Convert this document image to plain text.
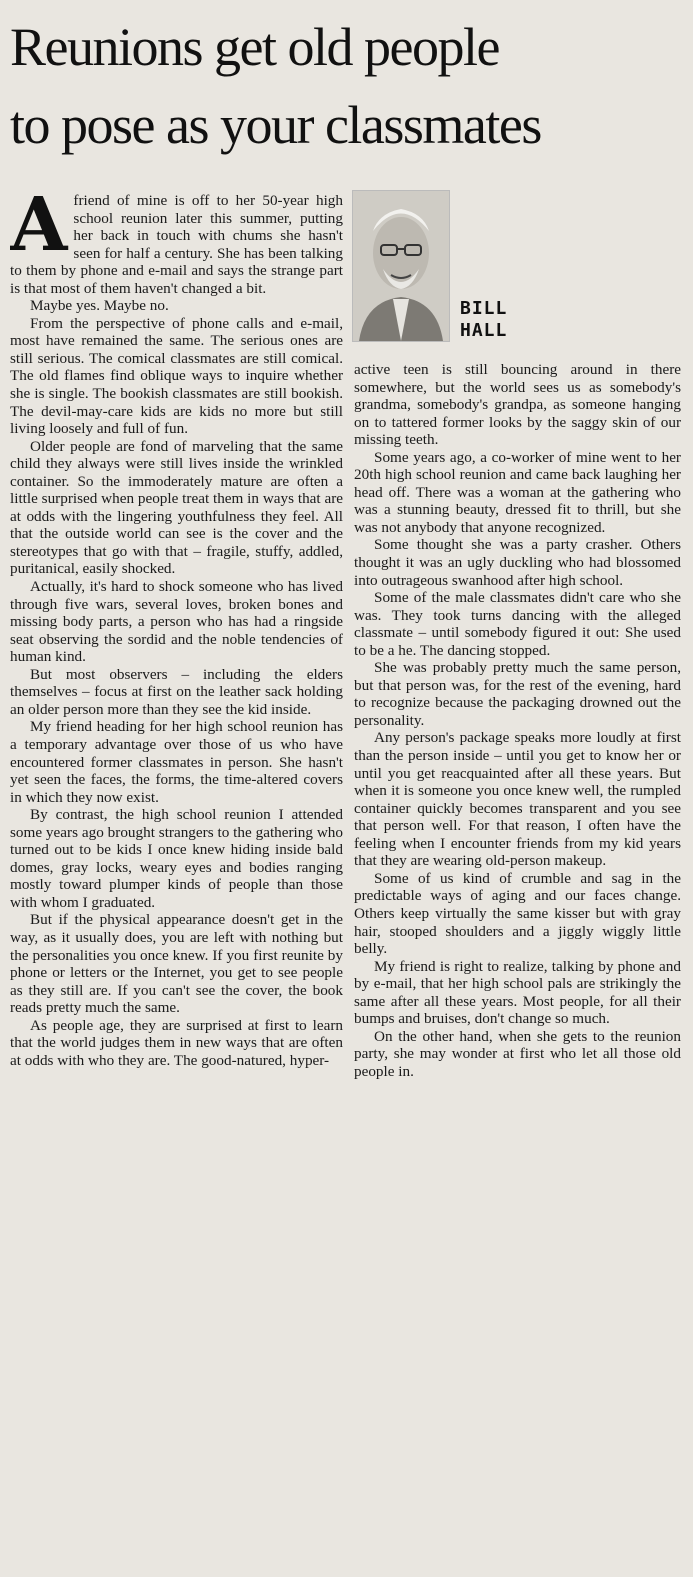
Reunions get old people
to pose as your classmates
BILL
HALL

Afriend of mine is off to her 50-year high school reunion later this summer, putting her back in touch with chums she hasn't seen for half a century. She has been talking to them by phone and e-mail and says the strange part is that most of them haven't changed a bit.

Maybe yes. Maybe no.

From the perspective of phone calls and e-mail, most have remained the same. The serious ones are still serious. The comical classmates are still comical. The old flames find oblique ways to inquire whether she is single. The bookish classmates are still bookish. The devil-may-care kids are kids no more but still living loosely and full of fun.

Older people are fond of marveling that the same child they always were still lives inside the wrinkled container. So the immoderately mature are often a little surprised when people treat them in ways that are at odds with the lingering youthfulness they feel. All that the outside world can see is the cover and the stereotypes that go with that – fragile, stuffy, addled, puritanical, easily shocked.

Actually, it's hard to shock someone who has lived through five wars, several loves, broken bones and missing body parts, a person who has had a ringside seat observing the sordid and the noble tendencies of human kind.

But most observers – including the elders themselves – focus at first on the leather sack holding an older person more than they see the kid inside.

My friend heading for her high school reunion has a temporary advantage over those of us who have encountered former classmates in person. She hasn't yet seen the faces, the forms, the time-altered covers in which they now exist.

By contrast, the high school reunion I attended some years ago brought strangers to the gathering who turned out to be kids I once knew hiding inside bald domes, gray locks, weary eyes and bodies ranging mostly toward plumper kinds of people than those with whom I graduated.

But if the physical appearance doesn't get in the way, as it usually does, you are left with nothing but the personalities you once knew. If you first reunite by phone or letters or the Internet, you get to see people as they still are. If you can't see the cover, the book reads pretty much the same.

As people age, they are surprised at first to learn that the world judges them in new ways that are often at odds with who they are. The good-natured, hyper-

active teen is still bouncing around in there somewhere, but the world sees us as somebody's grandma, somebody's grandpa, as someone hanging on to tattered former looks by the saggy skin of our missing teeth.

Some years ago, a co-worker of mine went to her 20th high school reunion and came back laughing her head off. There was a woman at the gathering who was a stunning beauty, dressed fit to thrill, but she was not anybody that anyone recognized.

Some thought she was a party crasher. Others thought it was an ugly duckling who had blossomed into outrageous swanhood after high school.

Some of the male classmates didn't care who she was. They took turns dancing with the alleged classmate – until somebody figured it out: She used to be a he. The dancing stopped.

She was probably pretty much the same person, but that person was, for the rest of the evening, hard to recognize because the packaging drowned out the personality.

Any person's package speaks more loudly at first than the person inside – until you get to know her or until you get reacquainted after all these years. But when it is someone you once knew well, the rumpled container quickly becomes transparent and you see that person well. For that reason, I often have the feeling when I encounter friends from my kid years that they are wearing old-person makeup.

Some of us kind of crumble and sag in the predictable ways of aging and our faces change. Others keep virtually the same kisser but with gray hair, stooped shoulders and a jiggly wiggly little belly.

My friend is right to realize, talking by phone and by e-mail, that her high school pals are strikingly the same after all these years. Most people, for all their bumps and bruises, don't change so much.

On the other hand, when she gets to the reunion party, she may wonder at first who let all those old people in.
